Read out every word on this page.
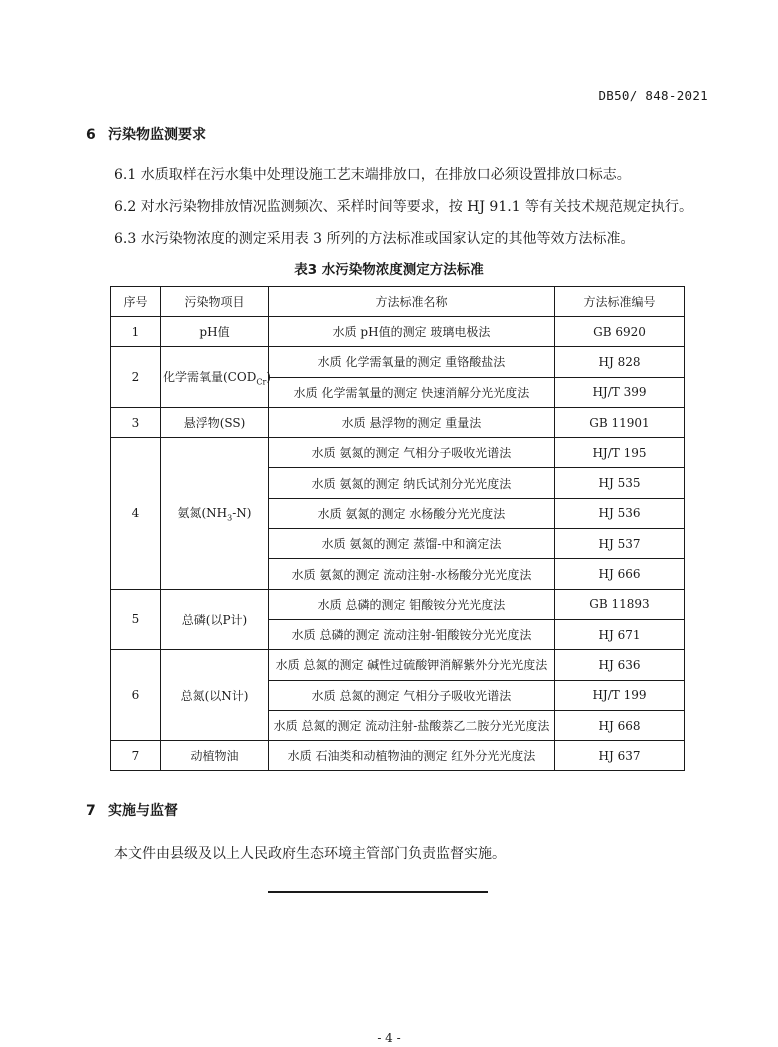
DB50/ 848-2021
6 污染物监测要求
6.1 水质取样在污水集中处理设施工艺末端排放口，在排放口必须设置排放口标志。
6.2 对水污染物排放情况监测频次、采样时间等要求，按 HJ 91.1 等有关技术规范规定执行。
6.3 水污染物浓度的测定采用表 3 所列的方法标准或国家认定的其他等效方法标准。
表3 水污染物浓度测定方法标准
序号	污染物项目	方法标准名称	方法标准编号
1	pH值	水质 pH值的测定 玻璃电极法	GB 6920
2	化学需氧量$(COD_{Cr})$	水质 化学需氧量的测定 重铬酸盐法	HJ 828
		水质 化学需氧量的测定 快速消解分光光度法	HJ/T 399
3	悬浮物(SS)	水质 悬浮物的测定 重量法	GB 11901
4	氨氮$(NH_3-N)$	水质 氨氮的测定 气相分子吸收光谱法	HJ/T 195
		水质 氨氮的测定 纳氏试剂分光光度法	HJ 535
		水质 氨氮的测定 水杨酸分光光度法	HJ 536
		水质 氨氮的测定 蒸馏-中和滴定法	HJ 537
		水质 氨氮的测定 流动注射-水杨酸分光光度法	HJ 666
5	总磷(以P计)	水质 总磷的测定 钼酸铵分光光度法	GB 11893
		水质 总磷的测定 流动注射-钼酸铵分光光度法	HJ 671
6	总氮(以N计)	水质 总氮的测定 碱性过硫酸钾消解紫外分光光度法	HJ 636
		水质 总氮的测定 气相分子吸收光谱法	HJ/T 199
		水质 总氮的测定 流动注射-盐酸萘乙二胺分光光度法	HJ 668
7	动植物油	水质 石油类和动植物油的测定 红外分光光度法	HJ 637
7 实施与监督
本文件由县级及以上人民政府生态环境主管部门负责监督实施。
- 4 -
